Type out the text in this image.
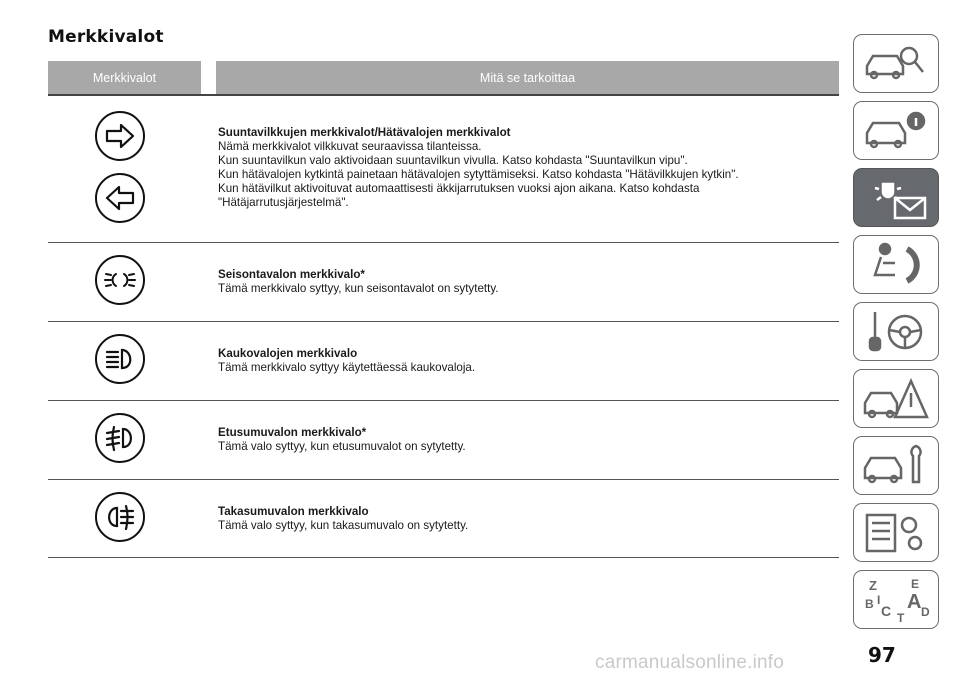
Merkkivalot
Merkkivalot	Mitä se tarkoittaa
Suuntavilkkujen merkkivalot/Hätävalojen merkkivalot
Nämä merkkivalot vilkkuvat seuraavissa tilanteissa.
Kun suuntavilkun valo aktivoidaan suuntavilkun vivulla. Katso kohdasta "Suuntavilkun vipu".
Kun hätävalojen kytkintä painetaan hätävalojen sytyttämiseksi. Katso kohdasta "Hätävilkkujen kytkin".
Kun hätävilkut aktivoituvat automaattisesti äkkijarrutuksen vuoksi ajon aikana. Katso kohdasta
"Hätäjarrutusjärjestelmä".
Seisontavalon merkkivalo*
Tämä merkkivalo syttyy, kun seisontavalot on sytytetty.
Kaukovalojen merkkivalo
Tämä merkkivalo syttyy käytettäessä kaukovaloja.
Etusumuvalon merkkivalo*
Tämä valo syttyy, kun etusumuvalot on sytytetty.
Takasumuvalon merkkivalo
Tämä valo syttyy, kun takasumuvalo on sytytetty.
Z	E
B A
C D
T
I
97
carmanualsonline.info
